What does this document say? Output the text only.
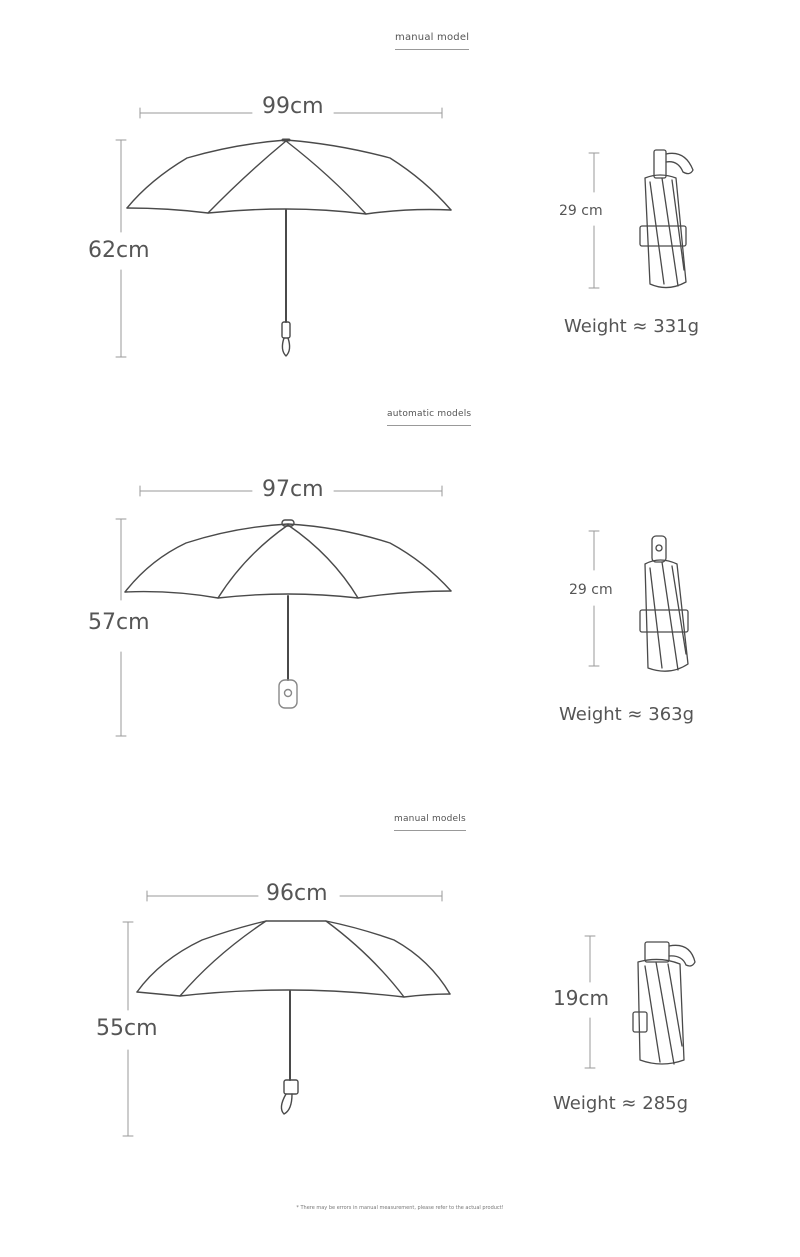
manual model
99cm
62cm
29 cm
Weight ≈ 331g
automatic models
97cm
57cm
29 cm
Weight ≈ 363g
manual models
96cm
55cm
19cm
Weight ≈ 285g
* There may be errors in manual measurement, please refer to the actual product!
